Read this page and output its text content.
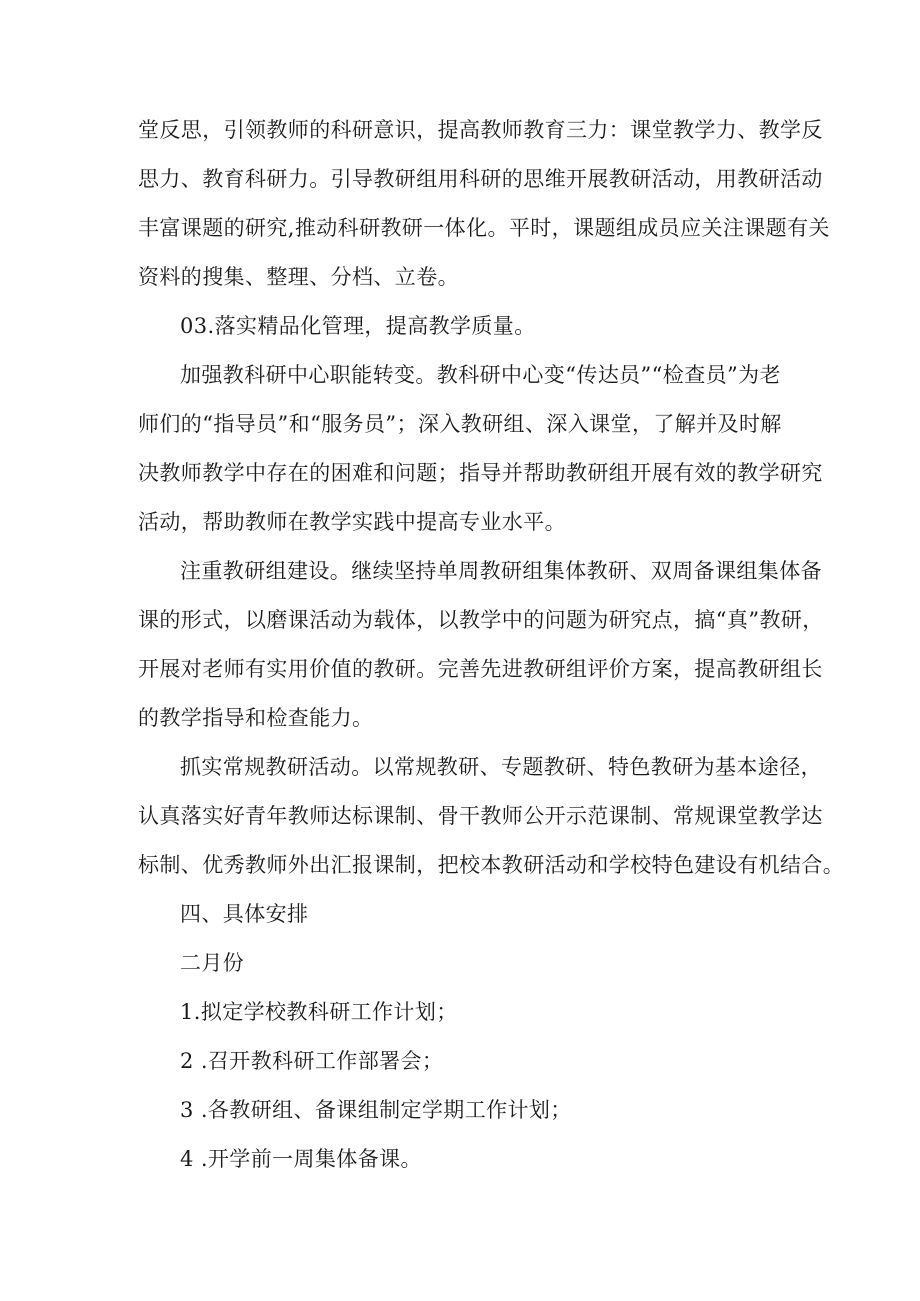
堂反思，引领教师的科研意识，提高教师教育三力：课堂教学力、教学反
思力、教育科研力。引导教研组用科研的思维开展教研活动，用教研活动
丰富课题的研究,推动科研教研一体化。平时，课题组成员应关注课题有关
资料的搜集、整理、分档、立卷。
03.落实精品化管理，提高教学质量。
加强教科研中心职能转变。教科研中心变“传达员”“检查员”为老
师们的“指导员”和“服务员”；深入教研组、深入课堂，了解并及时解
决教师教学中存在的困难和问题；指导并帮助教研组开展有效的教学研究
活动，帮助教师在教学实践中提高专业水平。
注重教研组建设。继续坚持单周教研组集体教研、双周备课组集体备
课的形式，以磨课活动为载体，以教学中的问题为研究点，搞“真”教研，
开展对老师有实用价值的教研。完善先进教研组评价方案，提高教研组长
的教学指导和检查能力。
抓实常规教研活动。以常规教研、专题教研、特色教研为基本途径，
认真落实好青年教师达标课制、骨干教师公开示范课制、常规课堂教学达
标制、优秀教师外出汇报课制，把校本教研活动和学校特色建设有机结合。
四、具体安排
二月份
1.拟定学校教科研工作计划；
2 .召开教科研工作部署会；
3 .各教研组、备课组制定学期工作计划；
4 .开学前一周集体备课。
